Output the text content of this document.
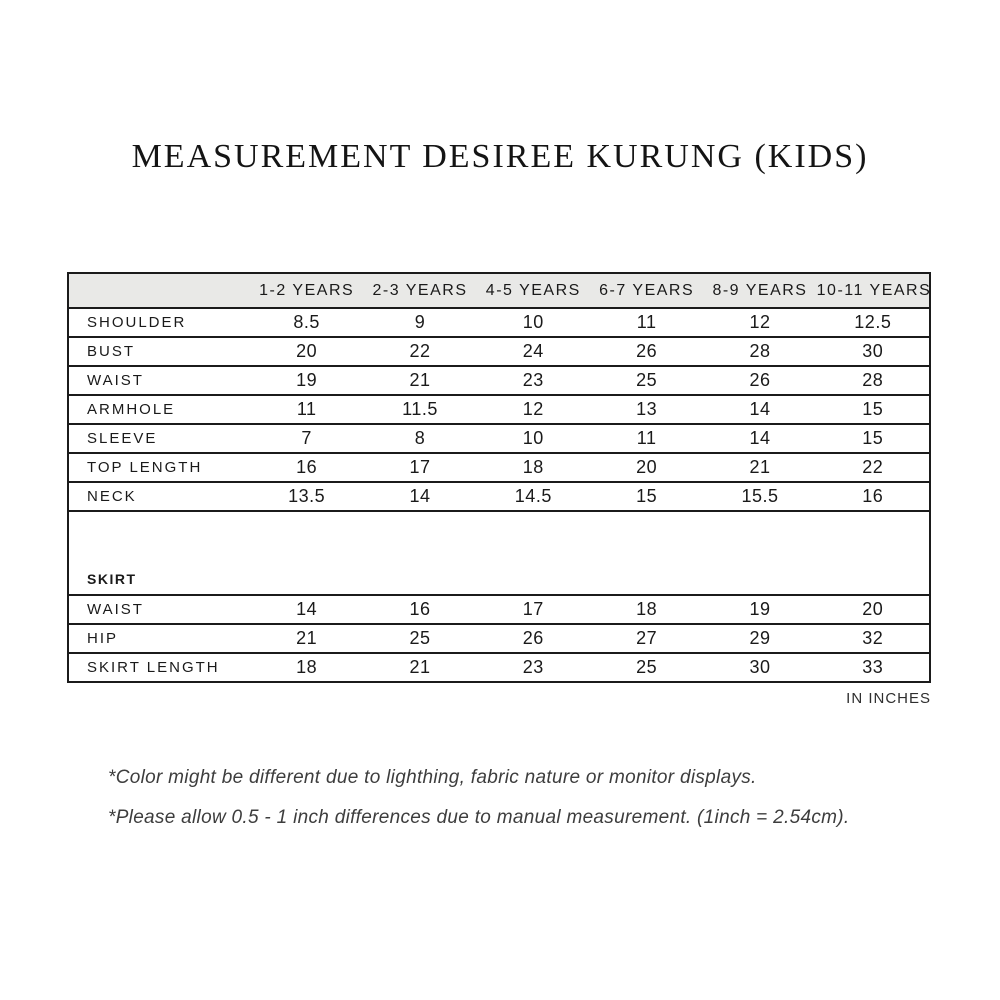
MEASUREMENT DESIREE KURUNG (KIDS)
	1-2 YEARS	2-3 YEARS	4-5 YEARS	6-7 YEARS	8-9 YEARS	10-11 YEARS
SHOULDER	8.5	9	10	11	12	12.5
BUST	20	22	24	26	28	30
WAIST	19	21	23	25	26	28
ARMHOLE	11	11.5	12	13	14	15
SLEEVE	7	8	10	11	14	15
TOP LENGTH	16	17	18	20	21	22
NECK	13.5	14	14.5	15	15.5	16
SKIRT						
WAIST	14	16	17	18	19	20
HIP	21	25	26	27	29	32
SKIRT LENGTH	18	21	23	25	30	33
IN INCHES

*Color might be different due to lighthing, fabric nature or monitor displays.

*Please allow 0.5 - 1 inch differences due to manual measurement. (1inch = 2.54cm).
